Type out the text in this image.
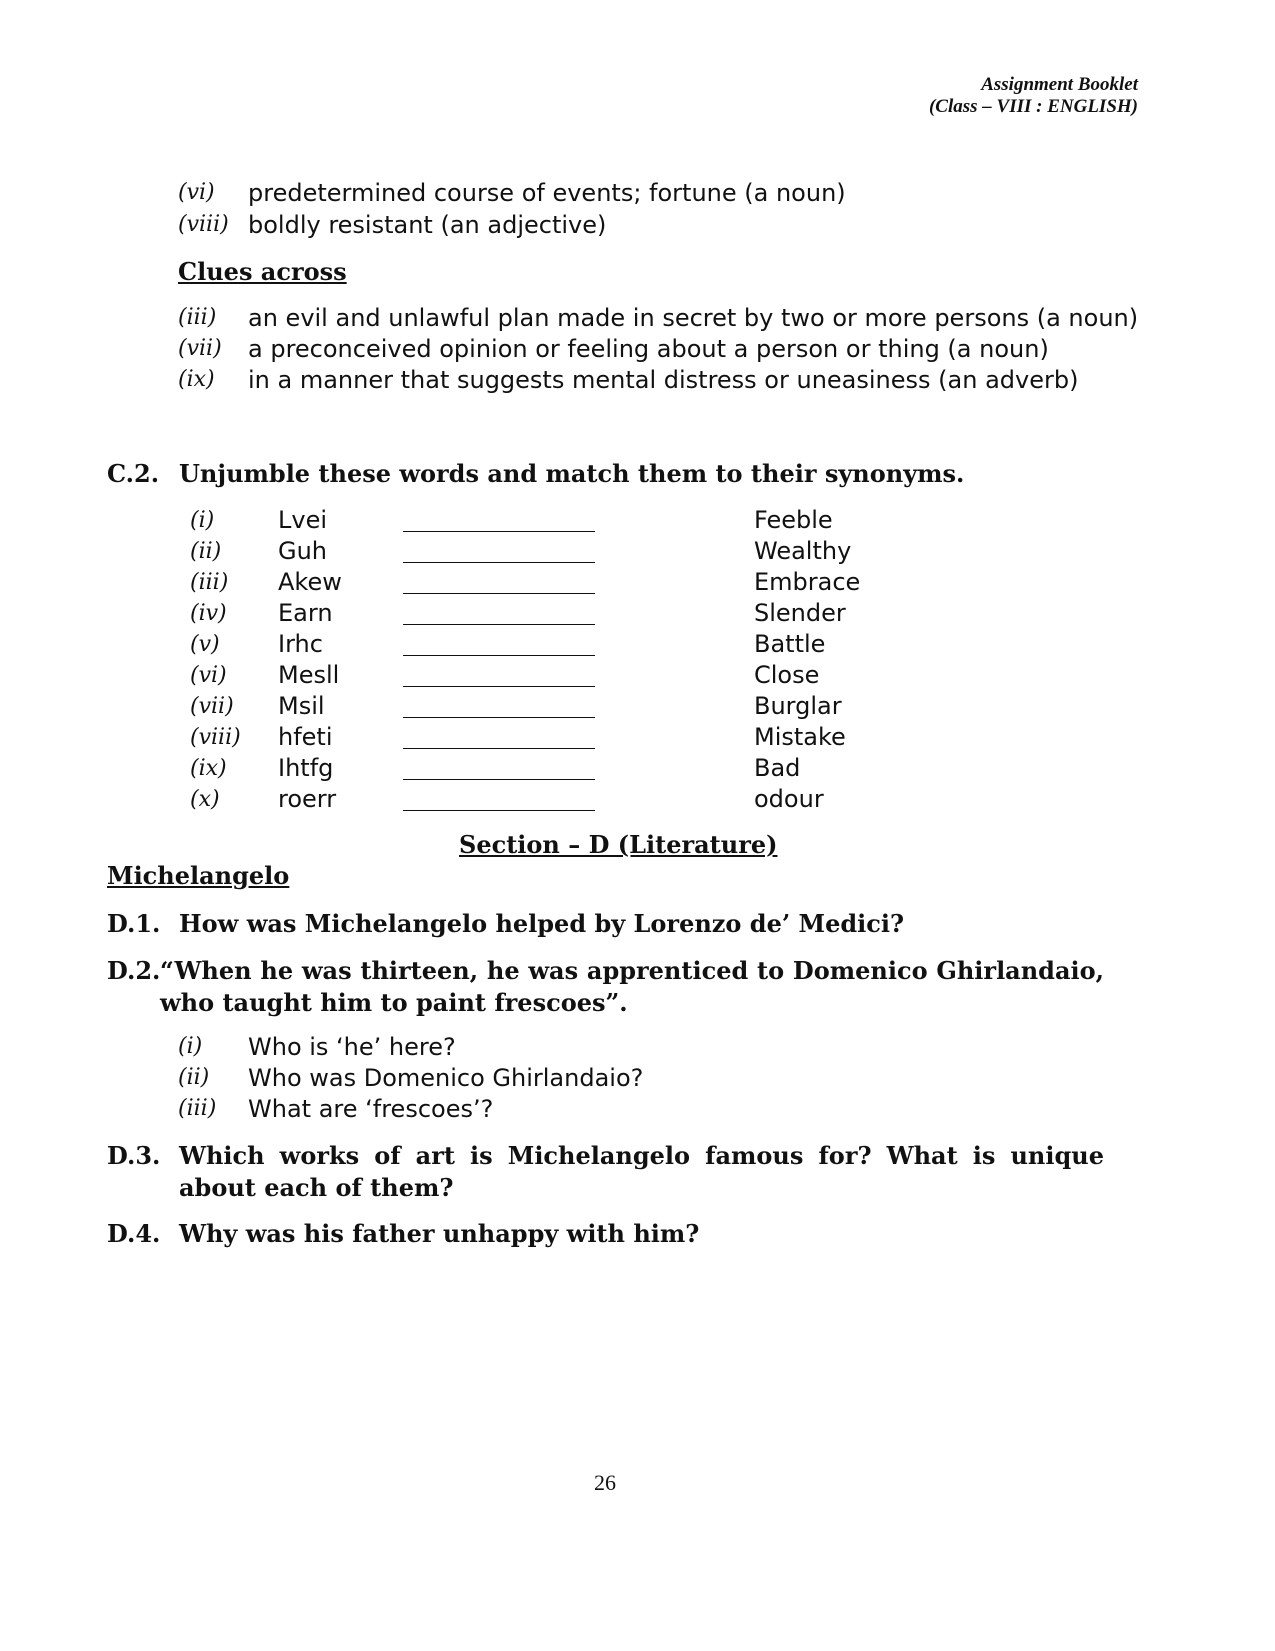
Assignment Booklet
(Class – VIII : ENGLISH)
(vi) predetermined course of events; fortune (a noun)
(viii) boldly resistant (an adjective)
Clues across
(iii) an evil and unlawful plan made in secret by two or more persons (a noun)
(vii) a preconceived opinion or feeling about a person or thing (a noun)
(ix) in a manner that suggests mental distress or uneasiness (an adverb)
C.2. Unjumble these words and match them to their synonyms.
(i)	Lvei	Feeble
(ii) Guh	Wealthy
(iii) Akew	Embrace
(iv) Earn	Slender
(v) Irhc	Battle
(vi) Mesll	Close
(vii) Msil	Burglar
(viii) hfeti	Mistake
(ix) Ihtfg	Bad
(x) roerr	odour
Section – D (Literature)
Michelangelo
D.1. How was Michelangelo helped by Lorenzo de’ Medici?
D.2. “When he was thirteen, he was apprenticed to Domenico Ghirlandaio, who taught him to paint frescoes”.
(i) Who is ‘he’ here?
(ii) Who was Domenico Ghirlandaio?
(iii) What are ‘frescoes’?
D.3. Which works of art is Michelangelo famous for? What is unique about each of them?
D.4. Why was his father unhappy with him?
26
